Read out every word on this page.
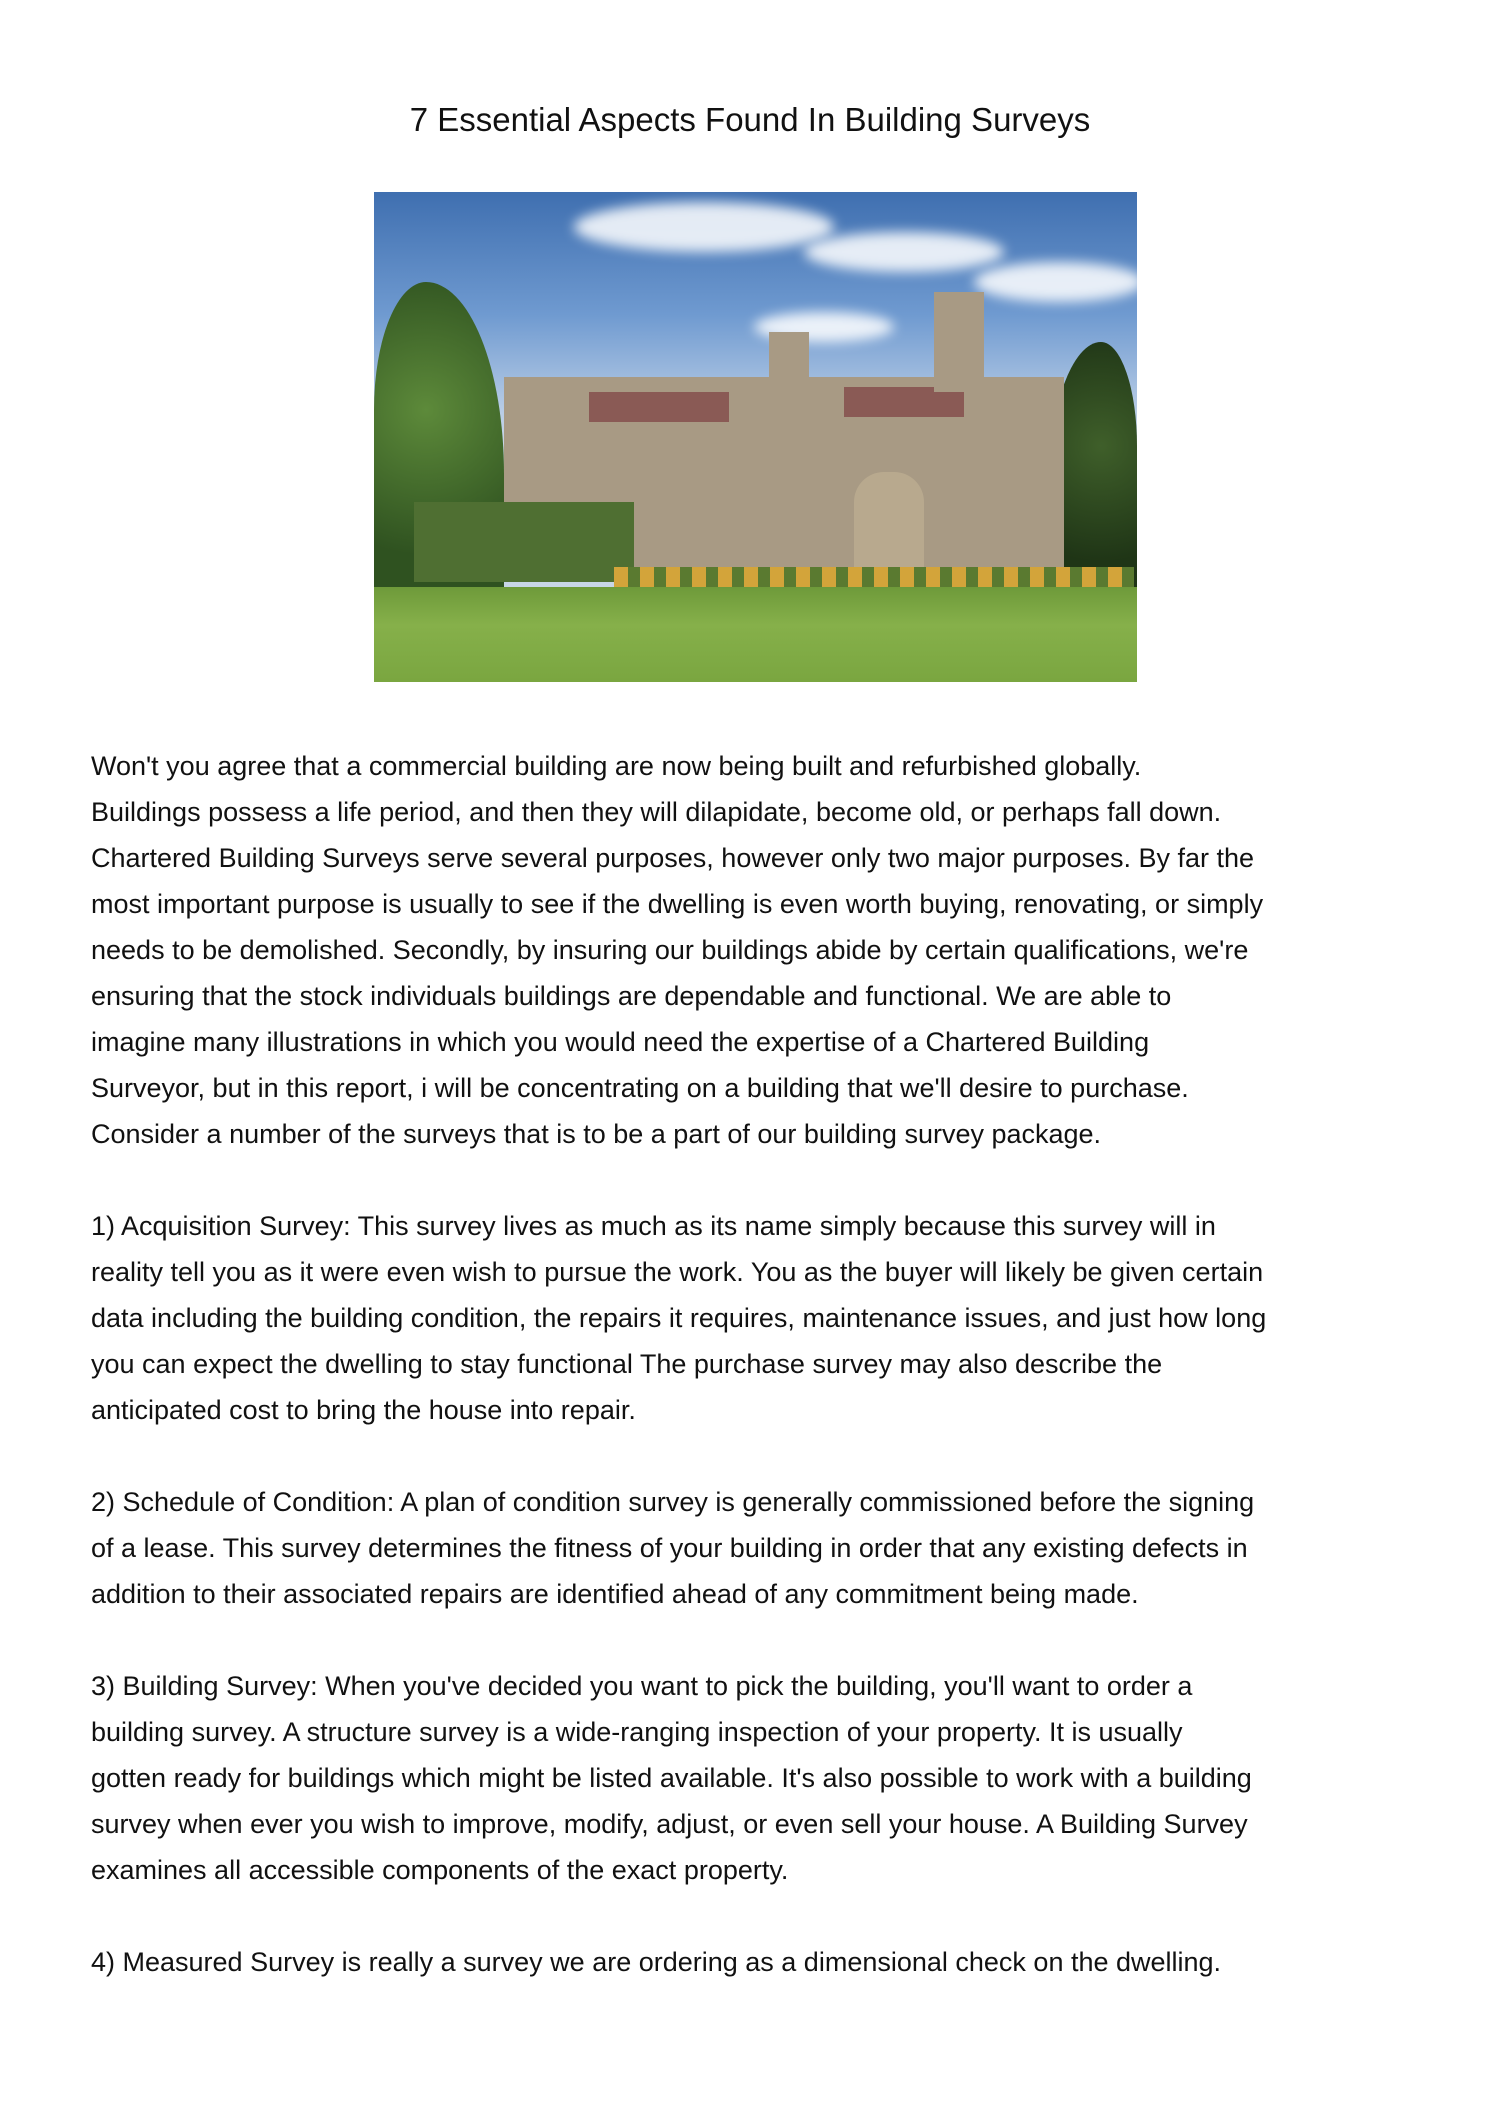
7 Essential Aspects Found In Building Surveys
Won't you agree that a commercial building are now being built and refurbished globally.
Buildings possess a life period, and then they will dilapidate, become old, or perhaps fall down.
Chartered Building Surveys serve several purposes, however only two major purposes. By far the
most important purpose is usually to see if the dwelling is even worth buying, renovating, or simply
needs to be demolished. Secondly, by insuring our buildings abide by certain qualifications, we're
ensuring that the stock individuals buildings are dependable and functional. We are able to
imagine many illustrations in which you would need the expertise of a Chartered Building
Surveyor, but in this report, i will be concentrating on a building that we'll desire to purchase.
Consider a number of the surveys that is to be a part of our building survey package.
1) Acquisition Survey: This survey lives as much as its name simply because this survey will in
reality tell you as it were even wish to pursue the work. You as the buyer will likely be given certain
data including the building condition, the repairs it requires, maintenance issues, and just how long
you can expect the dwelling to stay functional The purchase survey may also describe the
anticipated cost to bring the house into repair.
2) Schedule of Condition: A plan of condition survey is generally commissioned before the signing
of a lease. This survey determines the fitness of your building in order that any existing defects in
addition to their associated repairs are identified ahead of any commitment being made.
3) Building Survey: When you've decided you want to pick the building, you'll want to order a
building survey. A structure survey is a wide-ranging inspection of your property. It is usually
gotten ready for buildings which might be listed available. It's also possible to work with a building
survey when ever you wish to improve, modify, adjust, or even sell your house. A Building Survey
examines all accessible components of the exact property.
4) Measured Survey is really a survey we are ordering as a dimensional check on the dwelling.
